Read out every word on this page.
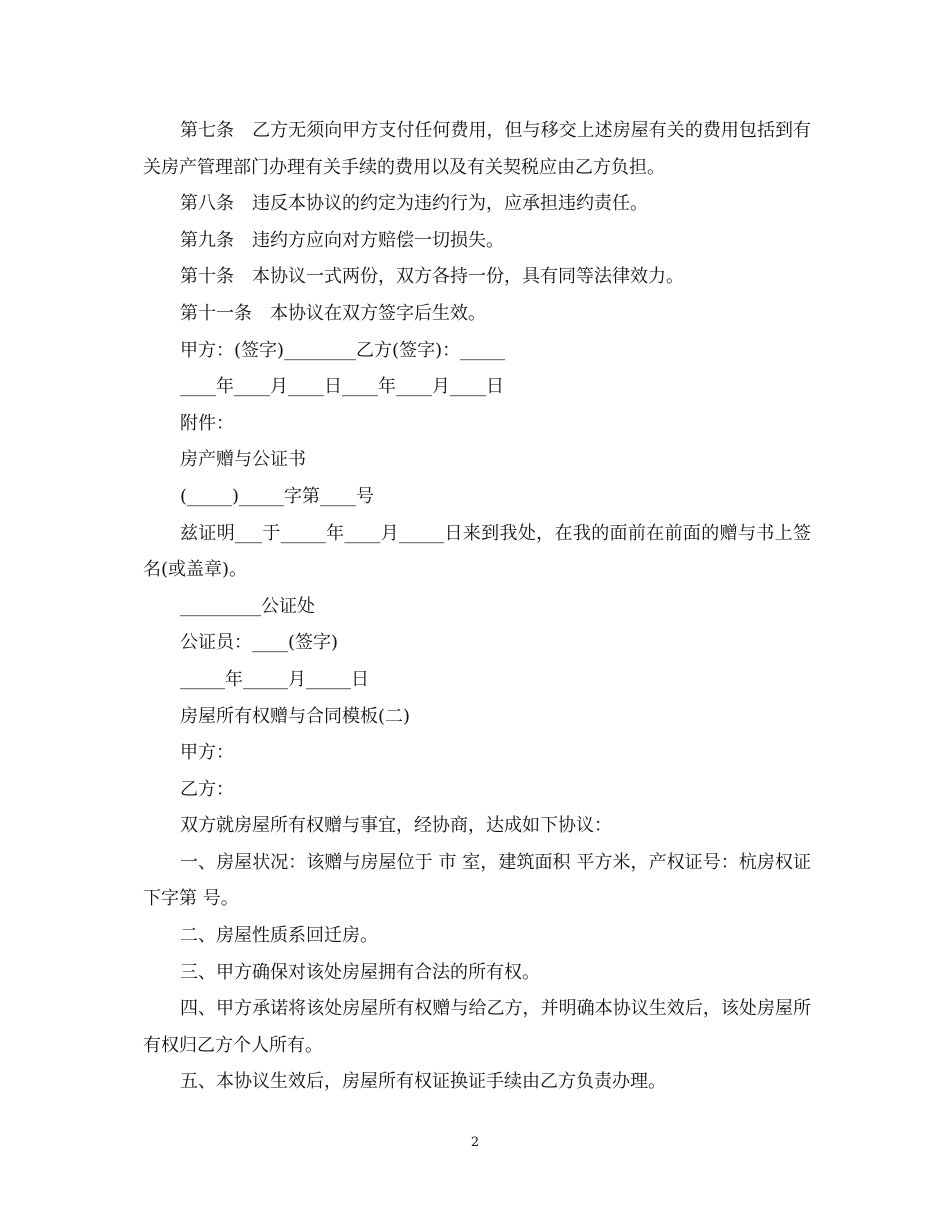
第七条　乙方无须向甲方支付任何费用，但与移交上述房屋有关的费用包括到有关房产管理部门办理有关手续的费用以及有关契税应由乙方负担。

第八条　违反本协议的约定为违约行为，应承担违约责任。

第九条　违约方应向对方赔偿一切损失。

第十条　本协议一式两份，双方各持一份，具有同等法律效力。

第十一条　本协议在双方签字后生效。

甲方：(签字)________乙方(签字)：_____

____年____月____日____年____月____日

附件：

房产赠与公证书

(_____)_____字第____号

兹证明___于_____年____月_____日来到我处，在我的面前在前面的赠与书上签名(或盖章)。

_________公证处

公证员：____(签字)

_____年_____月_____日

房屋所有权赠与合同模板(二)

甲方：

乙方：

双方就房屋所有权赠与事宜，经协商，达成如下协议：

一、房屋状况：该赠与房屋位于 市 室，建筑面积 平方米，产权证号：杭房权证下字第 号。

二、房屋性质系回迁房。

三、甲方确保对该处房屋拥有合法的所有权。

四、甲方承诺将该处房屋所有权赠与给乙方，并明确本协议生效后，该处房屋所有权归乙方个人所有。

五、本协议生效后，房屋所有权证换证手续由乙方负责办理。

2
